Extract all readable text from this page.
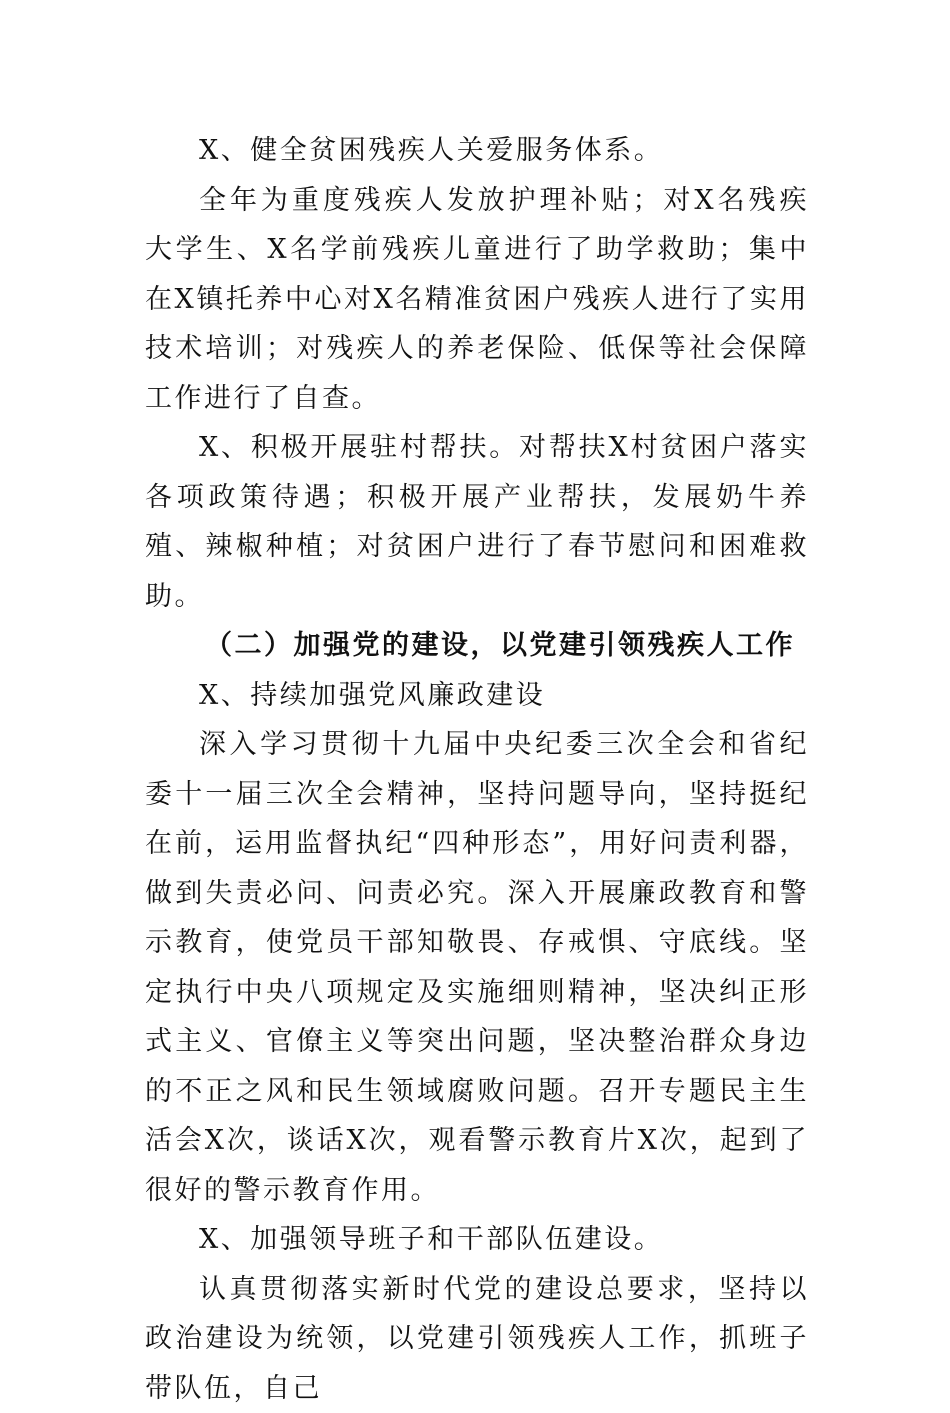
X、健全贫困残疾人关爱服务体系。

全年为重度残疾人发放护理补贴；对X名残疾大学生、X名学前残疾儿童进行了助学救助；集中在X镇托养中心对X名精准贫困户残疾人进行了实用技术培训；对残疾人的养老保险、低保等社会保障工作进行了自查。

X、积极开展驻村帮扶。对帮扶X村贫困户落实各项政策待遇；积极开展产业帮扶，发展奶牛养殖、辣椒种植；对贫困户进行了春节慰问和困难救助。

（二）加强党的建设，以党建引领残疾人工作

X、持续加强党风廉政建设

深入学习贯彻十九届中央纪委三次全会和省纪委十一届三次全会精神，坚持问题导向，坚持挺纪在前，运用监督执纪“四种形态”，用好问责利器，做到失责必问、问责必究。深入开展廉政教育和警示教育，使党员干部知敬畏、存戒惧、守底线。坚定执行中央八项规定及实施细则精神，坚决纠正形式主义、官僚主义等突出问题，坚决整治群众身边的不正之风和民生领域腐败问题。召开专题民主生活会X次，谈话X次，观看警示教育片X次，起到了很好的警示教育作用。

X、加强领导班子和干部队伍建设。

认真贯彻落实新时代党的建设总要求，坚持以政治建设为统领，以党建引领残疾人工作，抓班子带队伍，自己
